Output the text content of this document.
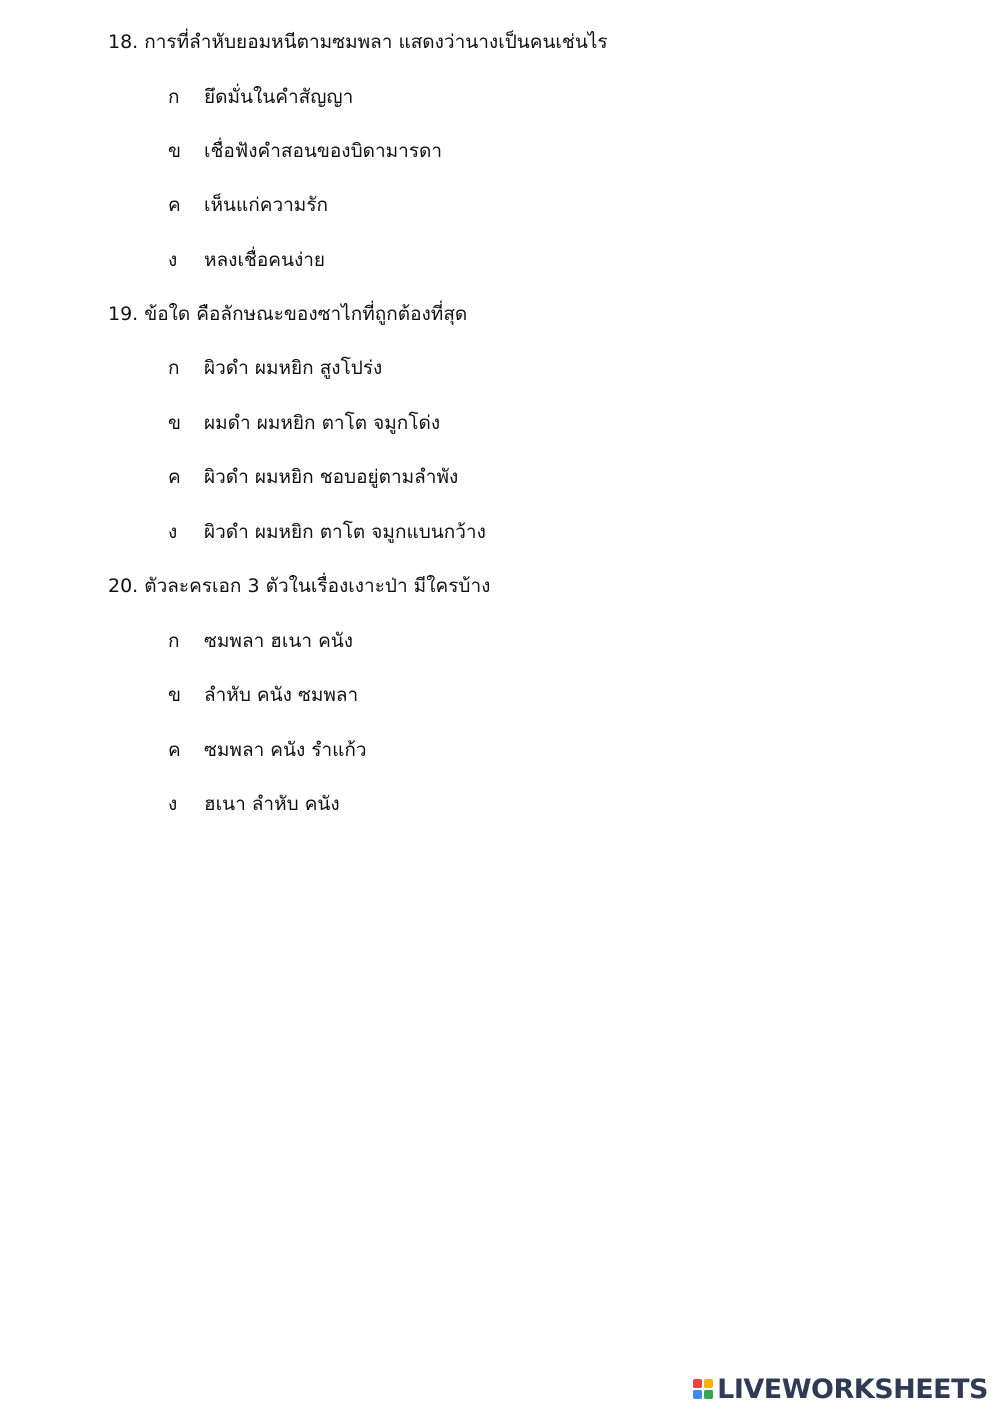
18. การที่ลำหับยอมหนีตามซมพลา แสดงว่านางเป็นคนเช่นไร
ก ยึดมั่นในคำสัญญา
ข เชื่อฟังคำสอนของบิดามารดา
ค เห็นแก่ความรัก
ง หลงเชื่อคนง่าย
19. ข้อใด คือลักษณะของซาไกที่ถูกต้องที่สุด
ก ผิวดำ ผมหยิก สูงโปร่ง
ข ผมดำ ผมหยิก ตาโต จมูกโด่ง
ค ผิวดำ ผมหยิก ชอบอยู่ตามลำพัง
ง ผิวดำ ผมหยิก ตาโต จมูกแบนกว้าง
20. ตัวละครเอก 3 ตัวในเรื่องเงาะป่า มีใครบ้าง
ก ซมพลา ฮเนา คนัง
ข ลำหับ คนัง ซมพลา
ค ซมพลา คนัง รำแก้ว
ง ฮเนา ลำหับ คนัง
LIVEWORKSHEETS
